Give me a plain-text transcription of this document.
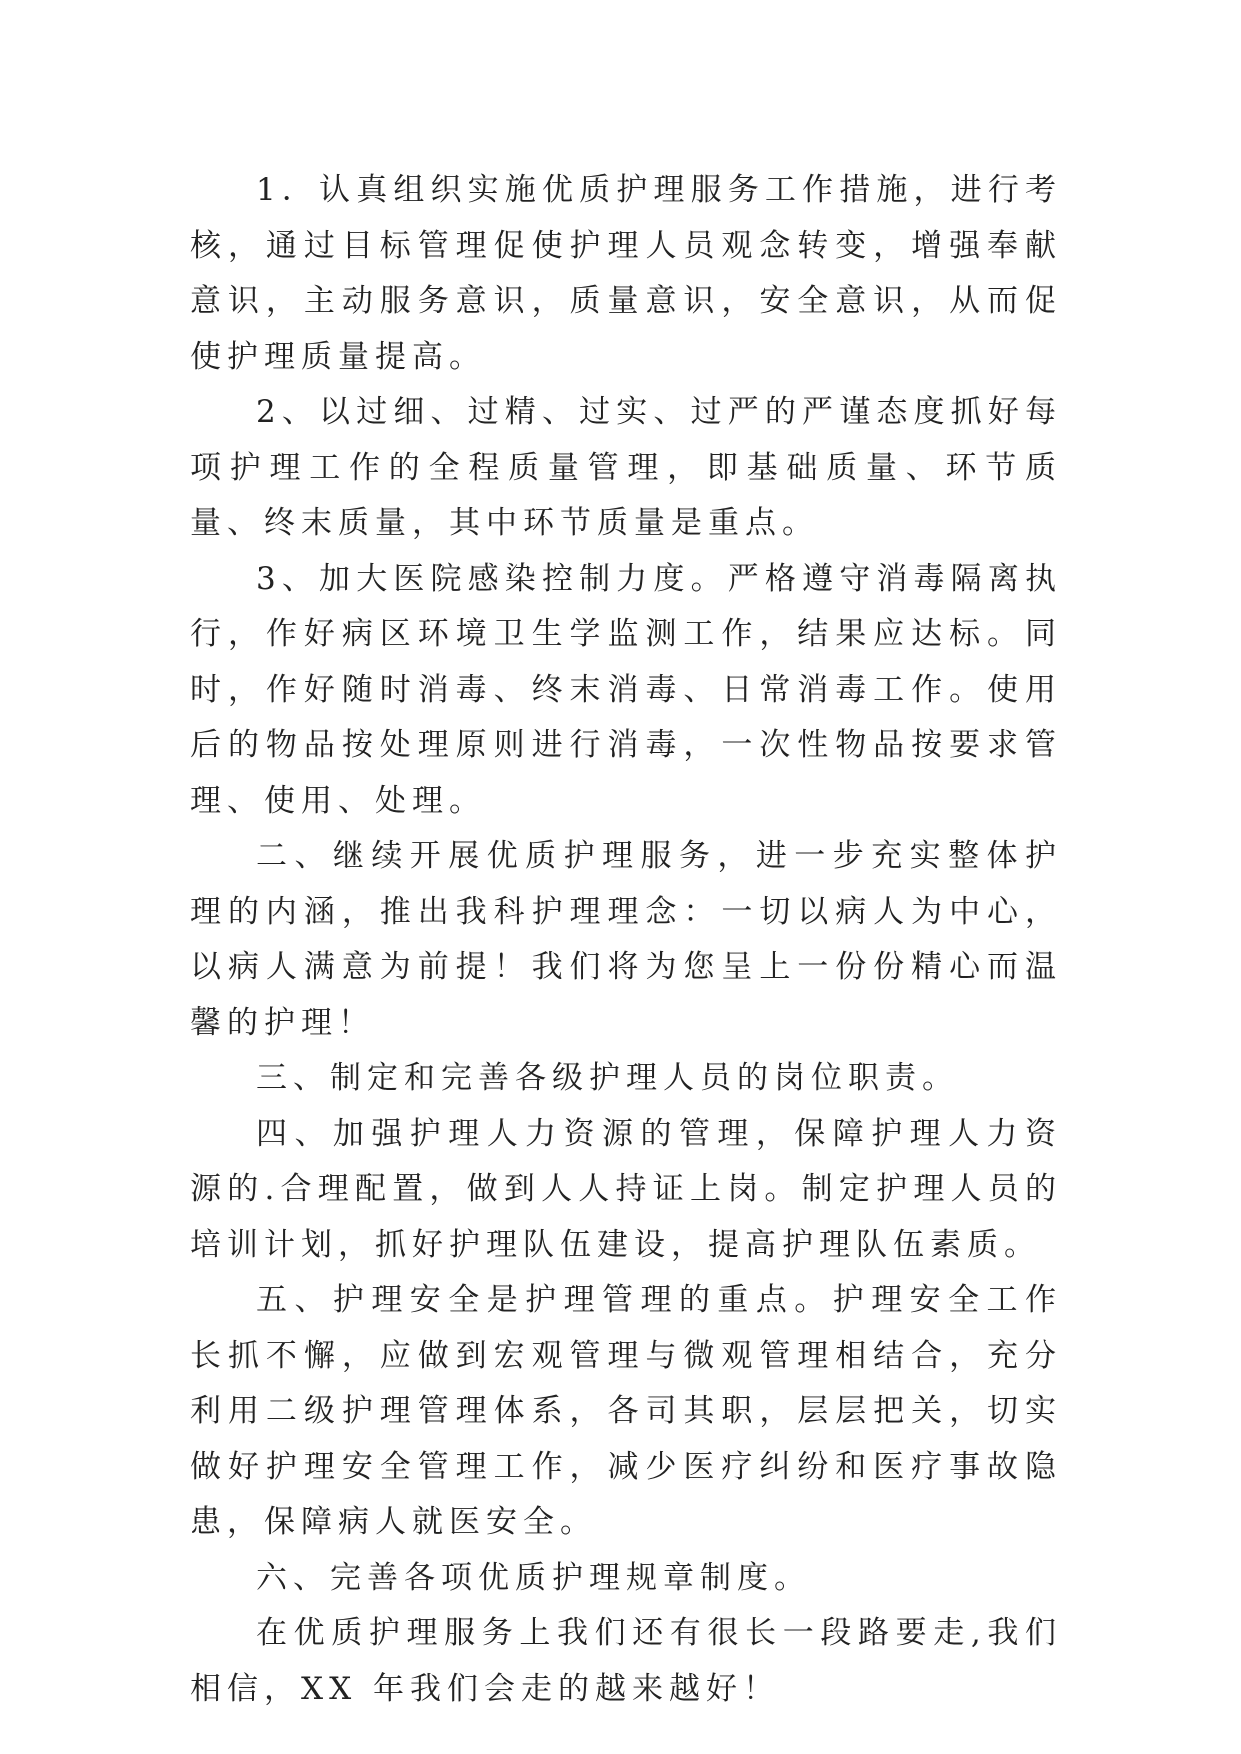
1．认真组织实施优质护理服务工作措施，进行考核，通过目标管理促使护理人员观念转变，增强奉献意识，主动服务意识，质量意识，安全意识，从而促使护理质量提高。

2、以过细、过精、过实、过严的严谨态度抓好每项护理工作的全程质量管理，即基础质量、环节质量、终末质量，其中环节质量是重点。

3、加大医院感染控制力度。严格遵守消毒隔离执行，作好病区环境卫生学监测工作，结果应达标。同时，作好随时消毒、终末消毒、日常消毒工作。使用后的物品按处理原则进行消毒，一次性物品按要求管理、使用、处理。

二、继续开展优质护理服务，进一步充实整体护理的内涵，推出我科护理理念：一切以病人为中心，以病人满意为前提！我们将为您呈上一份份精心而温馨的护理！

三、制定和完善各级护理人员的岗位职责。

四、加强护理人力资源的管理，保障护理人力资源的.合理配置，做到人人持证上岗。制定护理人员的培训计划，抓好护理队伍建设，提高护理队伍素质。

五、护理安全是护理管理的重点。护理安全工作长抓不懈，应做到宏观管理与微观管理相结合，充分利用二级护理管理体系，各司其职，层层把关，切实做好护理安全管理工作，减少医疗纠纷和医疗事故隐患，保障病人就医安全。

六、完善各项优质护理规章制度。

在优质护理服务上我们还有很长一段路要走,我们相信，XX 年我们会走的越来越好！
